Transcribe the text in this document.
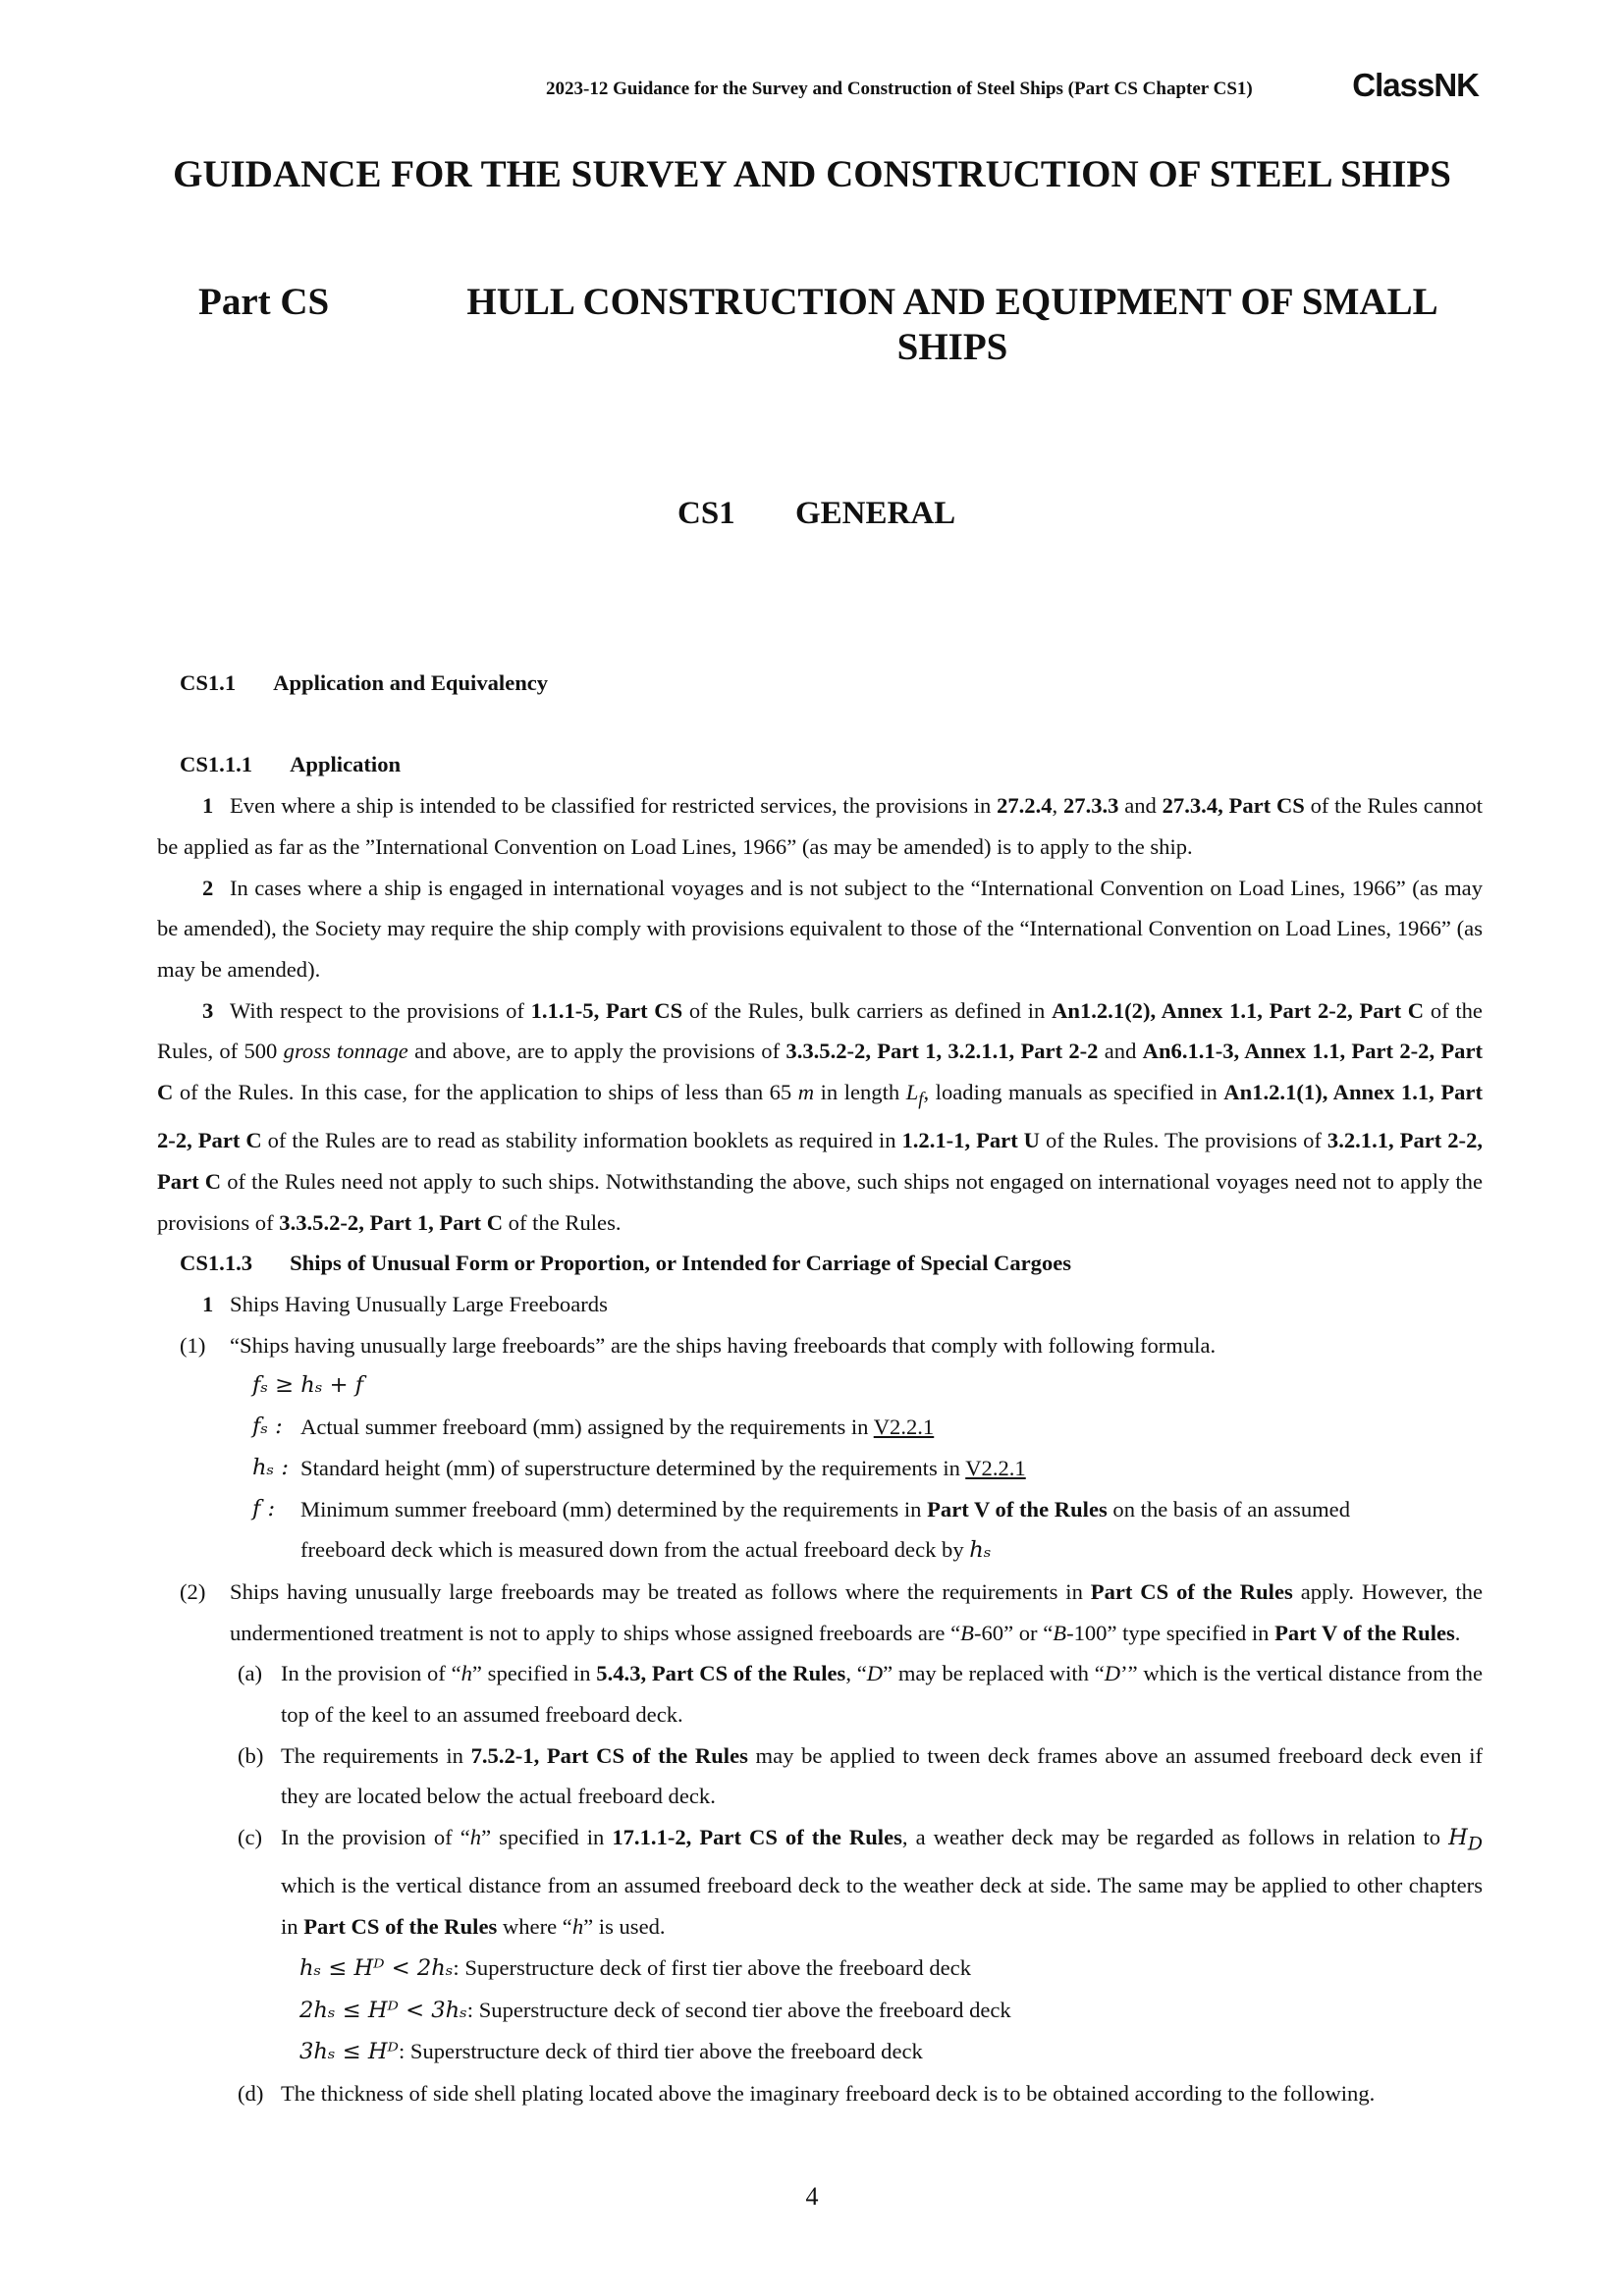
2023-12 Guidance for the Survey and Construction of Steel Ships (Part CS Chapter CS1)	ClassNK
GUIDANCE FOR THE SURVEY AND CONSTRUCTION OF STEEL SHIPS
Part CS	HULL CONSTRUCTION AND EQUIPMENT OF SMALL
SHIPS
CS1 GENERAL

CS1.1 Application and Equivalency

CS1.1.1 Application

1 Even where a ship is intended to be classified for restricted services, the provisions in 27.2.4, 27.3.3 and 27.3.4, Part CS of the Rules cannot be applied as far as the ”International Convention on Load Lines, 1966” (as may be amended) is to apply to the ship.

2 In cases where a ship is engaged in international voyages and is not subject to the “International Convention on Load Lines, 1966” (as may be amended), the Society may require the ship comply with provisions equivalent to those of the “International Convention on Load Lines, 1966” (as may be amended).

3 With respect to the provisions of 1.1.1-5, Part CS of the Rules, bulk carriers as defined in An1.2.1(2), Annex 1.1, Part 2-2, Part C of the Rules, of 500 gross tonnage and above, are to apply the provisions of 3.3.5.2-2, Part 1, 3.2.1.1, Part 2-2 and An6.1.1-3, Annex 1.1, Part 2-2, Part C of the Rules. In this case, for the application to ships of less than 65 m in length $L_f$, loading manuals as specified in An1.2.1(1), Annex 1.1, Part 2-2, Part C of the Rules are to read as stability information booklets as required in 1.2.1-1, Part U of the Rules. The provisions of 3.2.1.1, Part 2-2, Part C of the Rules need not apply to such ships. Notwithstanding the above, such ships not engaged on international voyages need not to apply the provisions of 3.3.5.2-2, Part 1, Part C of the Rules.

CS1.1.3 Ships of Unusual Form or Proportion, or Intended for Carriage of Special Cargoes

1 Ships Having Unusually Large Freeboards

(1) “Ships having unusually large freeboards” are the ships having freeboards that comply with following formula.

fₛ ≥ hₛ + f

fₛ : Actual summer freeboard (mm) assigned by the requirements in V2.2.1

hₛ : Standard height (mm) of superstructure determined by the requirements in V2.2.1

f : Minimum summer freeboard (mm) determined by the requirements in Part V of the Rules on the basis of an assumed

freeboard deck which is measured down from the actual freeboard deck by hₛ

(2) Ships having unusually large freeboards may be treated as follows where the requirements in Part CS of the Rules apply. However, the undermentioned treatment is not to apply to ships whose assigned freeboards are “B-60” or “B-100” type specified in Part V of the Rules.

(a) In the provision of “h” specified in 5.4.3, Part CS of the Rules, “D” may be replaced with “D’” which is the vertical distance from the top of the keel to an assumed freeboard deck.

(b) The requirements in 7.5.2-1, Part CS of the Rules may be applied to tween deck frames above an assumed freeboard deck even if they are located below the actual freeboard deck.

(c) In the provision of “h” specified in 17.1.1-2, Part CS of the Rules, a weather deck may be regarded as follows in relation to $H_D$ which is the vertical distance from an assumed freeboard deck to the weather deck at side. The same may be applied to other chapters in Part CS of the Rules where “h” is used.

hₛ ≤ Hᴰ < 2hₛ: Superstructure deck of first tier above the freeboard deck

2hₛ ≤ Hᴰ < 3hₛ: Superstructure deck of second tier above the freeboard deck

3hₛ ≤ Hᴰ: Superstructure deck of third tier above the freeboard deck

(d) The thickness of side shell plating located above the imaginary freeboard deck is to be obtained according to the following.

4
